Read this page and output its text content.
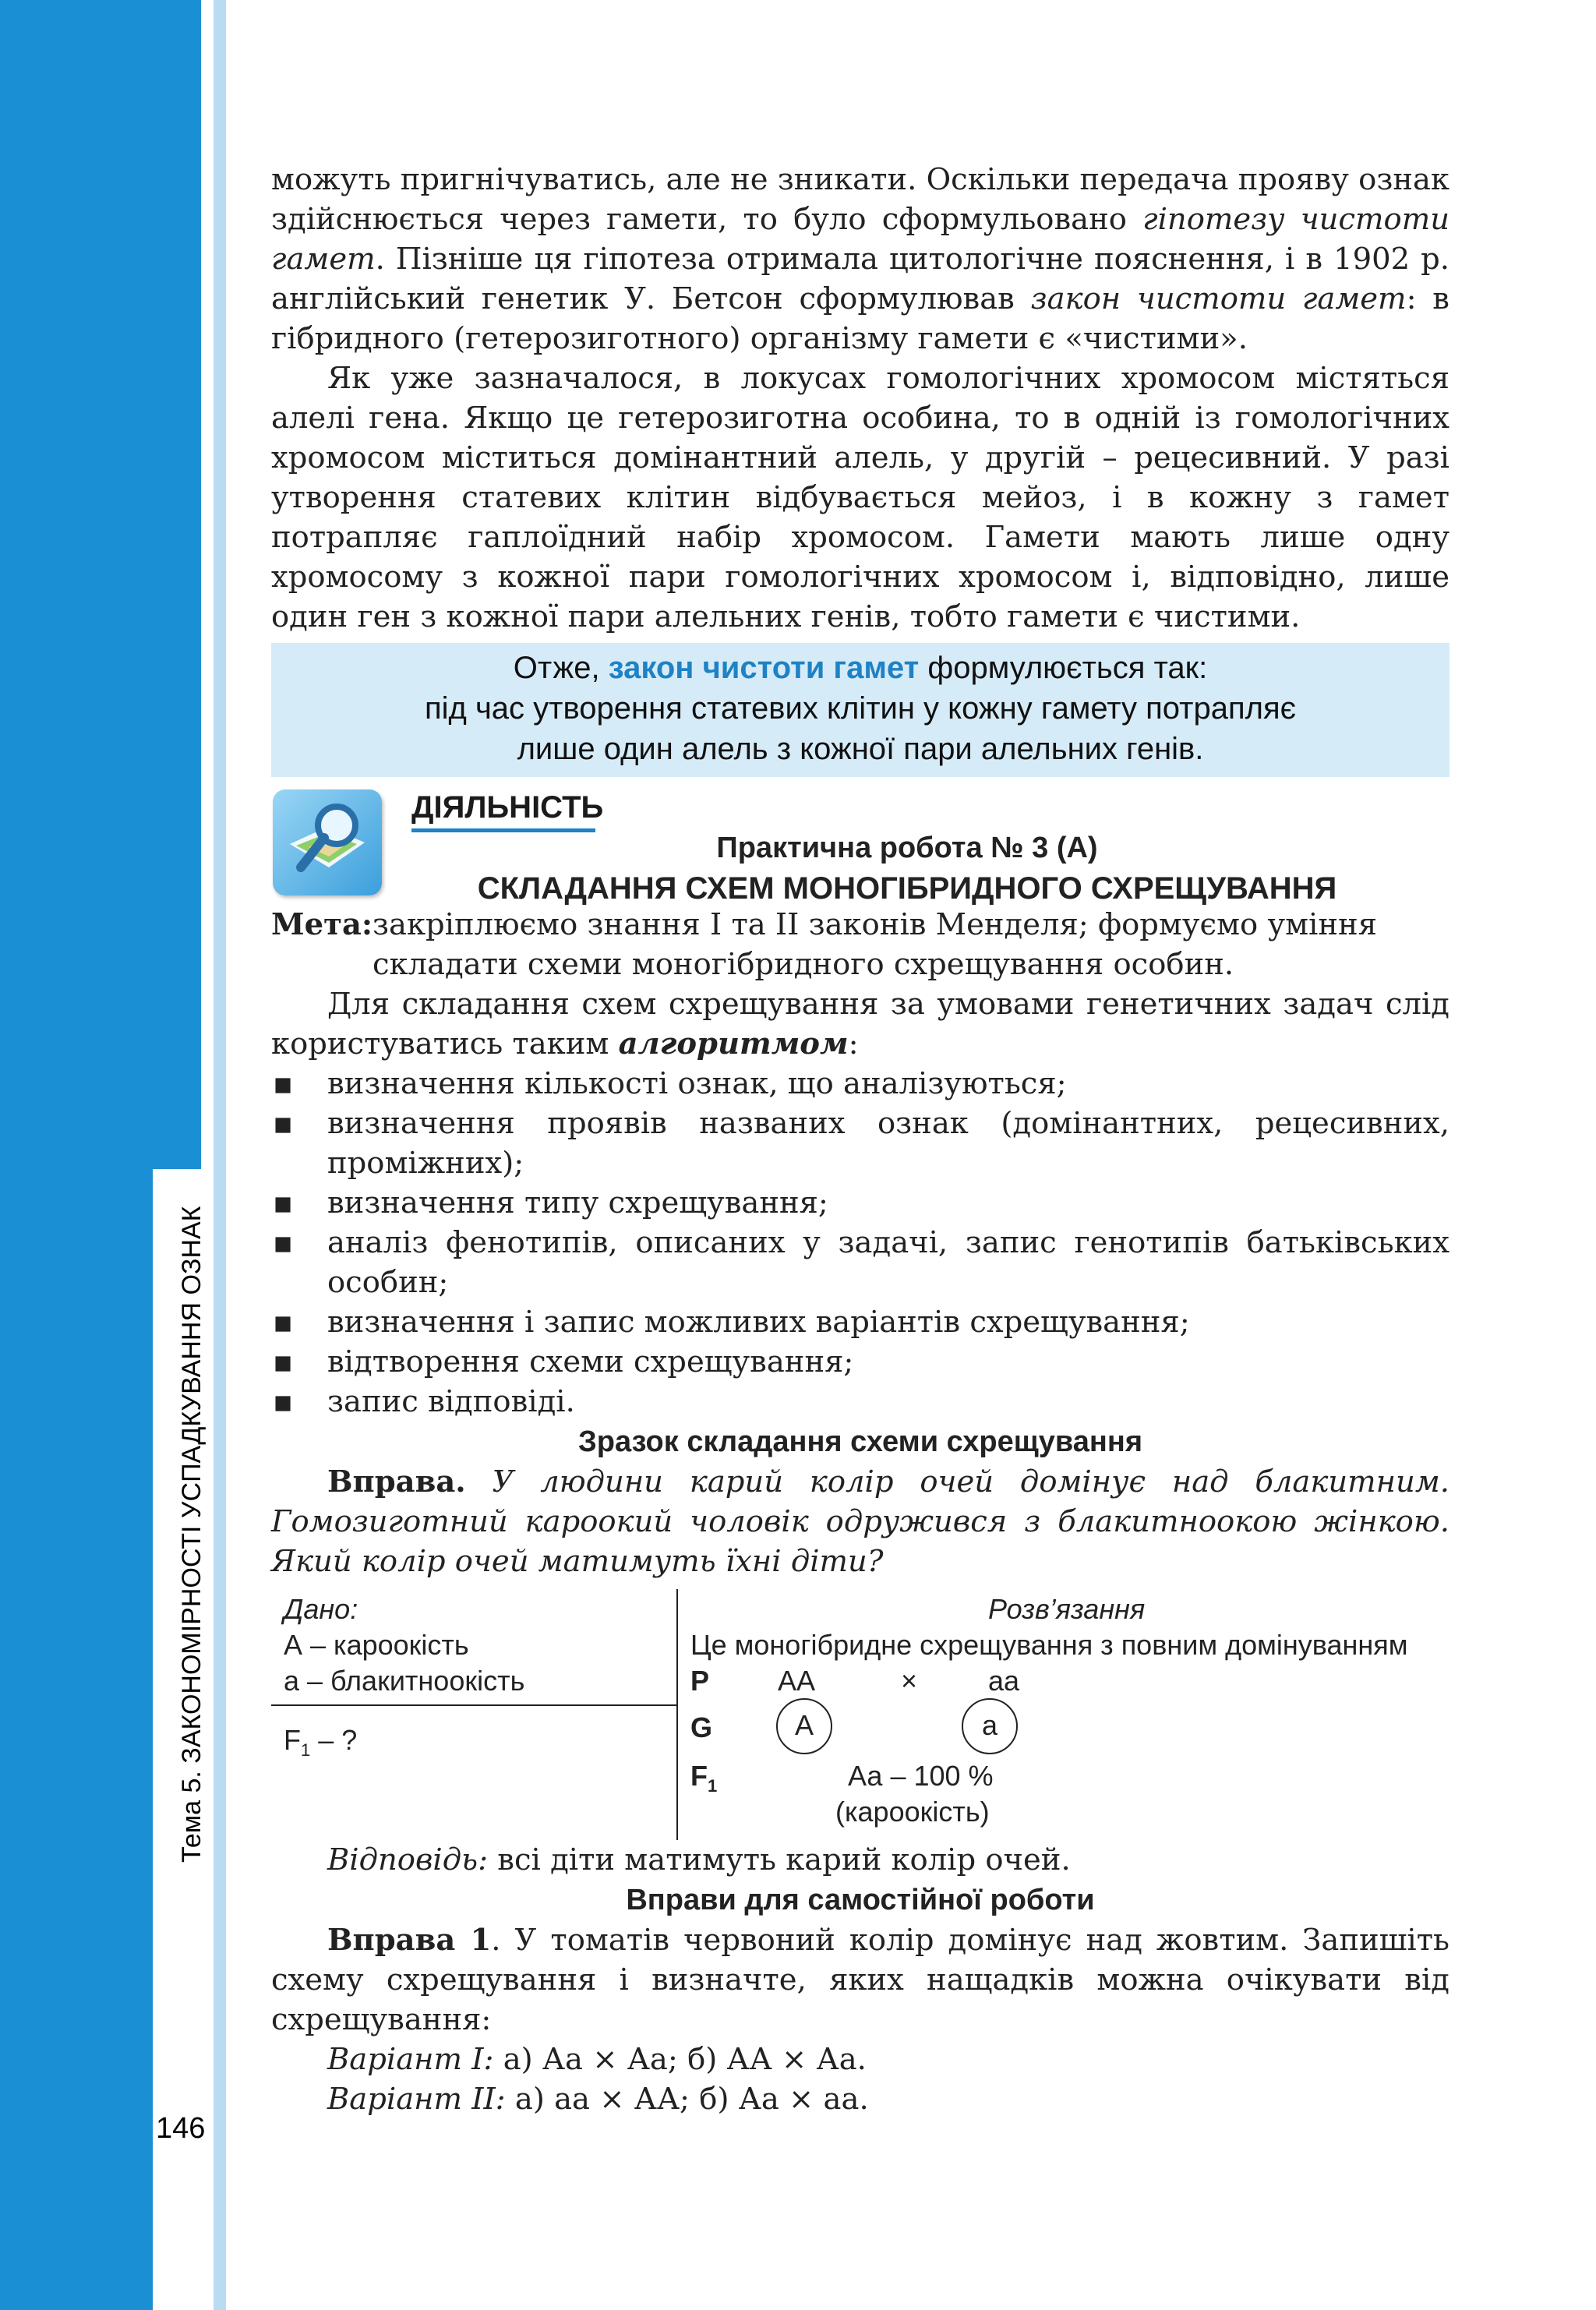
Тема 5. ЗАКОНОМІРНОСТІ УСПАДКУВАННЯ ОЗНАК
146

можуть пригнічуватись, але не зникати. Оскільки передача прояву ознак здійснюється через гамети, то було сформульовано гіпотезу чистоти гамет. Пізніше ця гіпотеза отримала цитологічне пояснення, і в 1902 р. англійський генетик У. Бетсон сформулював закон чистоти гамет: в гібридного (гетерозиготного) організму гамети є «чистими».

Як уже зазначалося, в локусах гомологічних хромосом містяться алелі гена. Якщо це гетерозиготна особина, то в одній із гомологічних хромосом міститься домінантний алель, у другій – рецесивний. У разі утворення статевих клітин відбувається мейоз, і в кожну з гамет потрапляє гаплоїдний набір хромосом. Гамети мають лише одну хромосому з кожної пари гомологічних хромосом і, відповідно, лише один ген з кожної пари алельних генів, тобто гамети є чистими.

Отже, закон чистоти гамет формулюється так:
під час утворення статевих клітин у кожну гамету потрапляє
лише один алель з кожної пари алельних генів.
ДІЯЛЬНІСТЬ
Практична робота № 3 (А)
СКЛАДАННЯ СХЕМ МОНОГІБРИДНОГО СХРЕЩУВАННЯ
Мета: закріплюємо знання І та ІІ законів Менделя; формуємо уміння складати схеми моногібридного схрещування особин.

Для складання схем схрещування за умовами генетичних задач слід користуватись таким алгоритмом:

▪ визначення кількості ознак, що аналізуються;
▪ визначення проявів названих ознак (домінантних, рецесивних, проміжних);
▪ визначення типу схрещування;
▪ аналіз фенотипів, описаних у задачі, запис генотипів батьківських особин;
▪ визначення і запис можливих варіантів схрещування;
▪ відтворення схеми схрещування;
▪ запис відповіді.
Зразок складання схеми схрещування

Вправа. У людини карий колір очей домінує над блакитним. Гомозиготний кароокий чоловік одружився з блакитноокою жінкою. Який колір очей матимуть їхні діти?

Дано:
А – кароокість
а – блакитноокість
$F_1$ – ?
Розв’язання
Це моногібридне схрещування з повним домінуванням
P АА	×	аа
G	А	а
$F_1$	Аа – 100 %
(кароокість)

Відповідь: всі діти матимуть карий колір очей.

Вправи для самостійної роботи

Вправа 1. У томатів червоний колір домінує над жовтим. Запишіть схему схрещування і визначте, яких нащадків можна очікувати від схрещування:

Варіант І: а) Аа × Аа; б) АА × Аа.

Варіант ІІ: а) аа × АА; б) Аа × аа.
